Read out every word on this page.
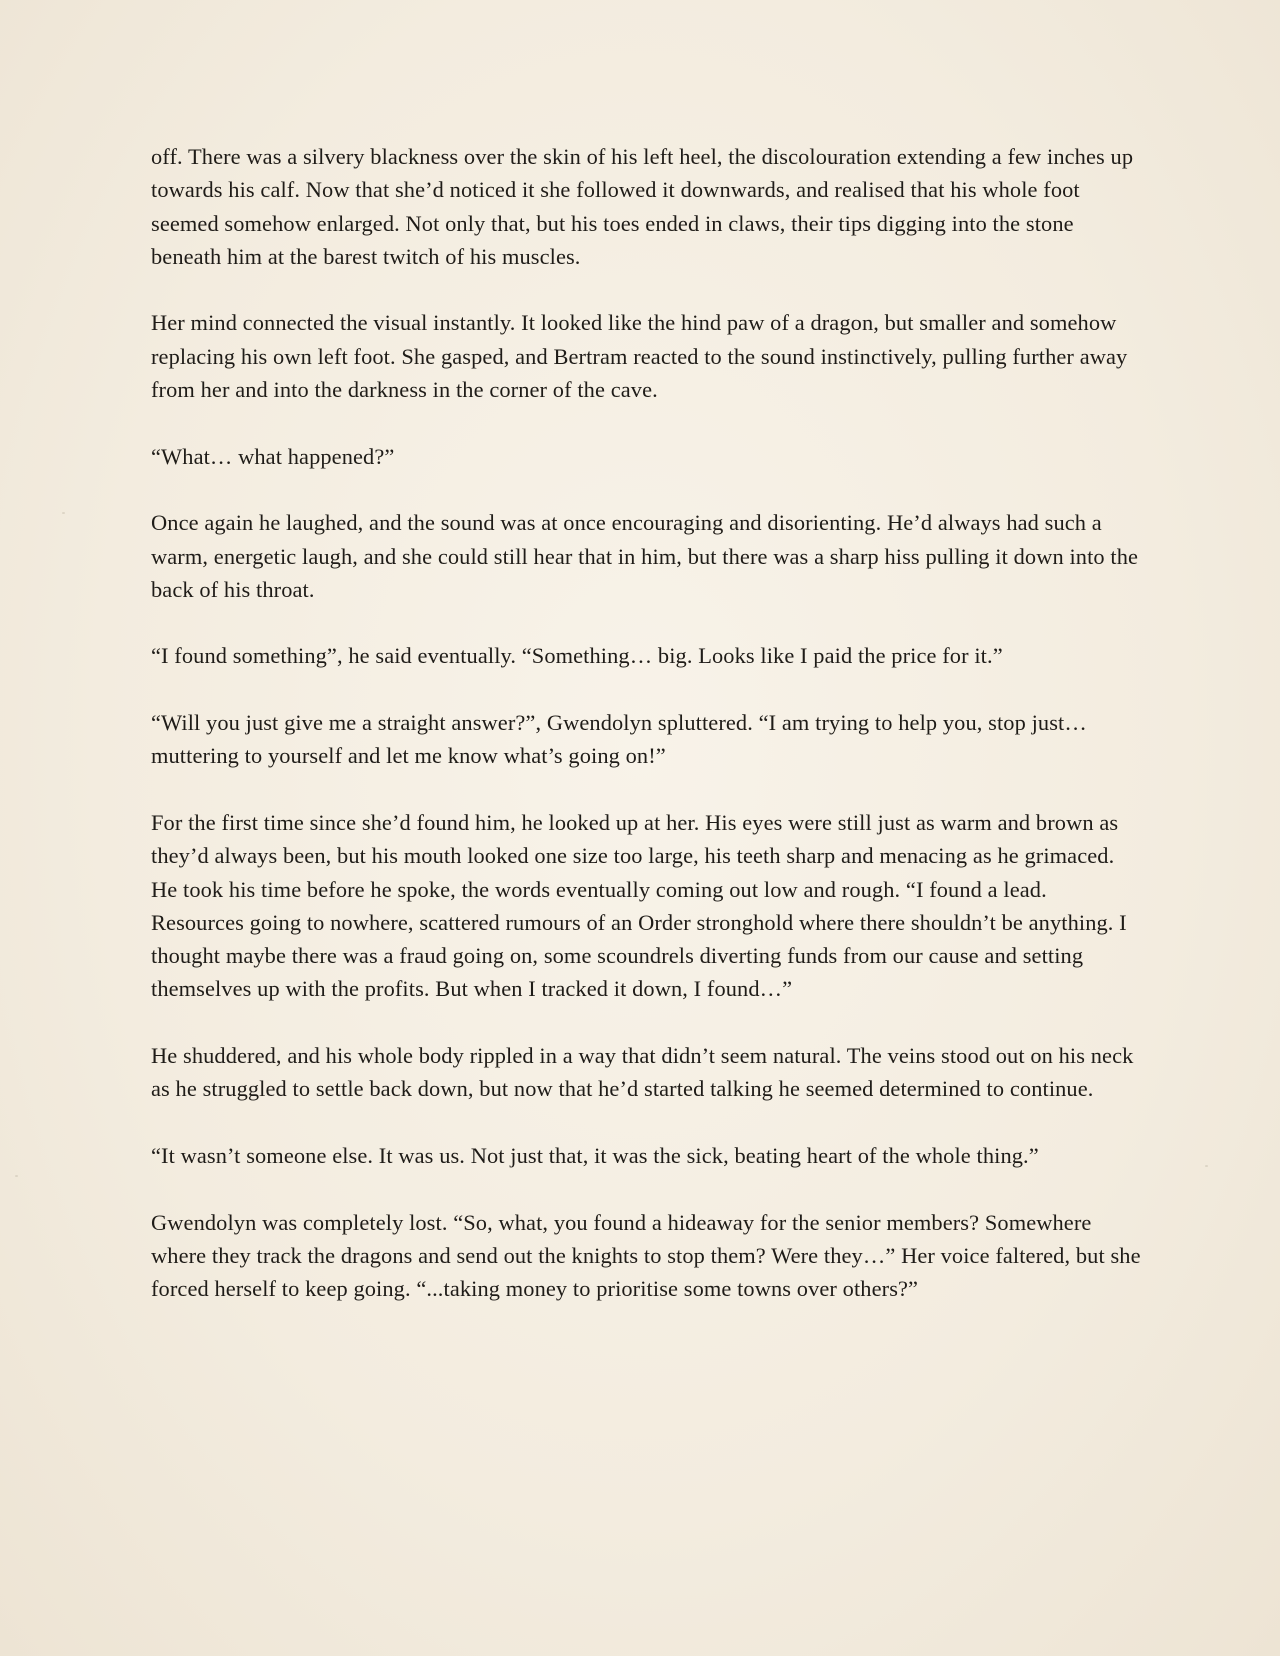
off. There was a silvery blackness over the skin of his left heel, the discolouration extending a few inches up towards his calf. Now that she’d noticed it she followed it downwards, and realised that his whole foot seemed somehow enlarged. Not only that, but his toes ended in claws, their tips digging into the stone beneath him at the barest twitch of his muscles.

Her mind connected the visual instantly. It looked like the hind paw of a dragon, but smaller and somehow replacing his own left foot. She gasped, and Bertram reacted to the sound instinctively, pulling further away from her and into the darkness in the corner of the cave.

“What… what happened?”

Once again he laughed, and the sound was at once encouraging and disorienting. He’d always had such a warm, energetic laugh, and she could still hear that in him, but there was a sharp hiss pulling it down into the back of his throat.

“I found something”, he said eventually. “Something… big. Looks like I paid the price for it.”

“Will you just give me a straight answer?”, Gwendolyn spluttered. “I am trying to help you, stop just… muttering to yourself and let me know what’s going on!”

For the first time since she’d found him, he looked up at her. His eyes were still just as warm and brown as they’d always been, but his mouth looked one size too large, his teeth sharp and menacing as he grimaced. He took his time before he spoke, the words eventually coming out low and rough. “I found a lead. Resources going to nowhere, scattered rumours of an Order stronghold where there shouldn’t be anything. I thought maybe there was a fraud going on, some scoundrels diverting funds from our cause and setting themselves up with the profits. But when I tracked it down, I found…”

He shuddered, and his whole body rippled in a way that didn’t seem natural. The veins stood out on his neck as he struggled to settle back down, but now that he’d started talking he seemed determined to continue.

“It wasn’t someone else. It was us. Not just that, it was the sick, beating heart of the whole thing.”

Gwendolyn was completely lost. “So, what, you found a hideaway for the senior members? Somewhere where they track the dragons and send out the knights to stop them? Were they…” Her voice faltered, but she forced herself to keep going. “...taking money to prioritise some towns over others?”
